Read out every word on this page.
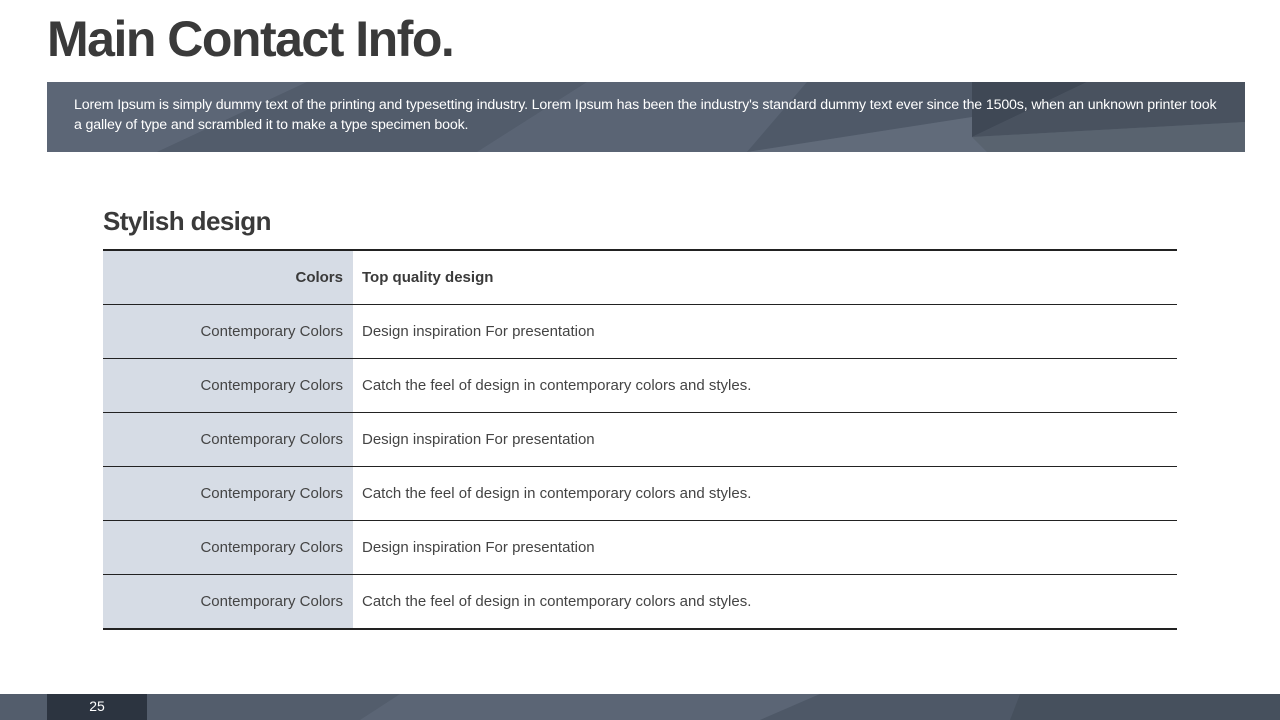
Main Contact Info.

Lorem Ipsum is simply dummy text of the printing and typesetting industry. Lorem Ipsum has been the industry's standard dummy text ever since the 1500s, when an unknown printer took a galley of type and scrambled it to make a type specimen book.

Stylish design
Colors	Top quality design
Contemporary Colors	Design inspiration For presentation
Contemporary Colors	Catch the feel of design in contemporary colors and styles.
Contemporary Colors	Design inspiration For presentation
Contemporary Colors	Catch the feel of design in contemporary colors and styles.
Contemporary Colors	Design inspiration For presentation
Contemporary Colors	Catch the feel of design in contemporary colors and styles.
25
